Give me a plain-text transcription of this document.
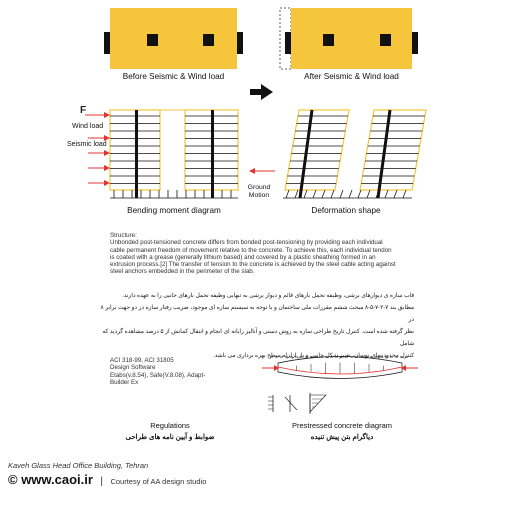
Before Seismic & Wind load	After Seismic & Wind load
F
Wind load
Seismic load
Ground
Motion
Bending moment diagram	Deformation shape
Structure:
Unbonded post-tensioned concrete differs from bonded post-tensioning by providing each individual
cable permanent freedom of movement relative to the concrete. To achieve this, each individual tendon
is coated with a grease (generally lithium based) and covered by a plastic sheathing formed in an
extrusion process.[2] The transfer of tension to the concrete is achieved by the steel cable acting against
steel anchors embedded in the perimeter of the slab.
قاب سازه ی دیوارهای برشی، وظیفه تحمل بارهای قائم و دیوار برشی به تنهایی وظیفه تحمل بارهای جانبی را به عهده دارند.
مطابق بند ۷-۲-۷-۵-۸ مبحث ششم مقررات ملی ساختمان و با توجه به سیستم سازه ای موجود، ضریب رفتار سازه در دو جهت برابر ۸ در
نظر گرفته شده است. کنترل تاریخ طراحی سازه به روش دستی و آنالیز رایانه ای انجام و انتقال کمانش از ۵ درصد مشاهده گردید که شامل
کنترل محدودیتهای نوسان، تغییر شکل جانبی و بار ازلزله سطح بهره برداری می باشد.
ACI 318-99, ACI 31805
Design Software
Etabs(v.8.54), Safe(V.8.08), Adapt-
Builder Ex
Regulations
ضوابط و آیین نامه های طراحی
Prestressed concrete diagram
دیاگرام بتن پیش تنیده
Kaveh Glass Head Office Building, Tehran
© www.caoi.ir | Courtesy of AA design studio
